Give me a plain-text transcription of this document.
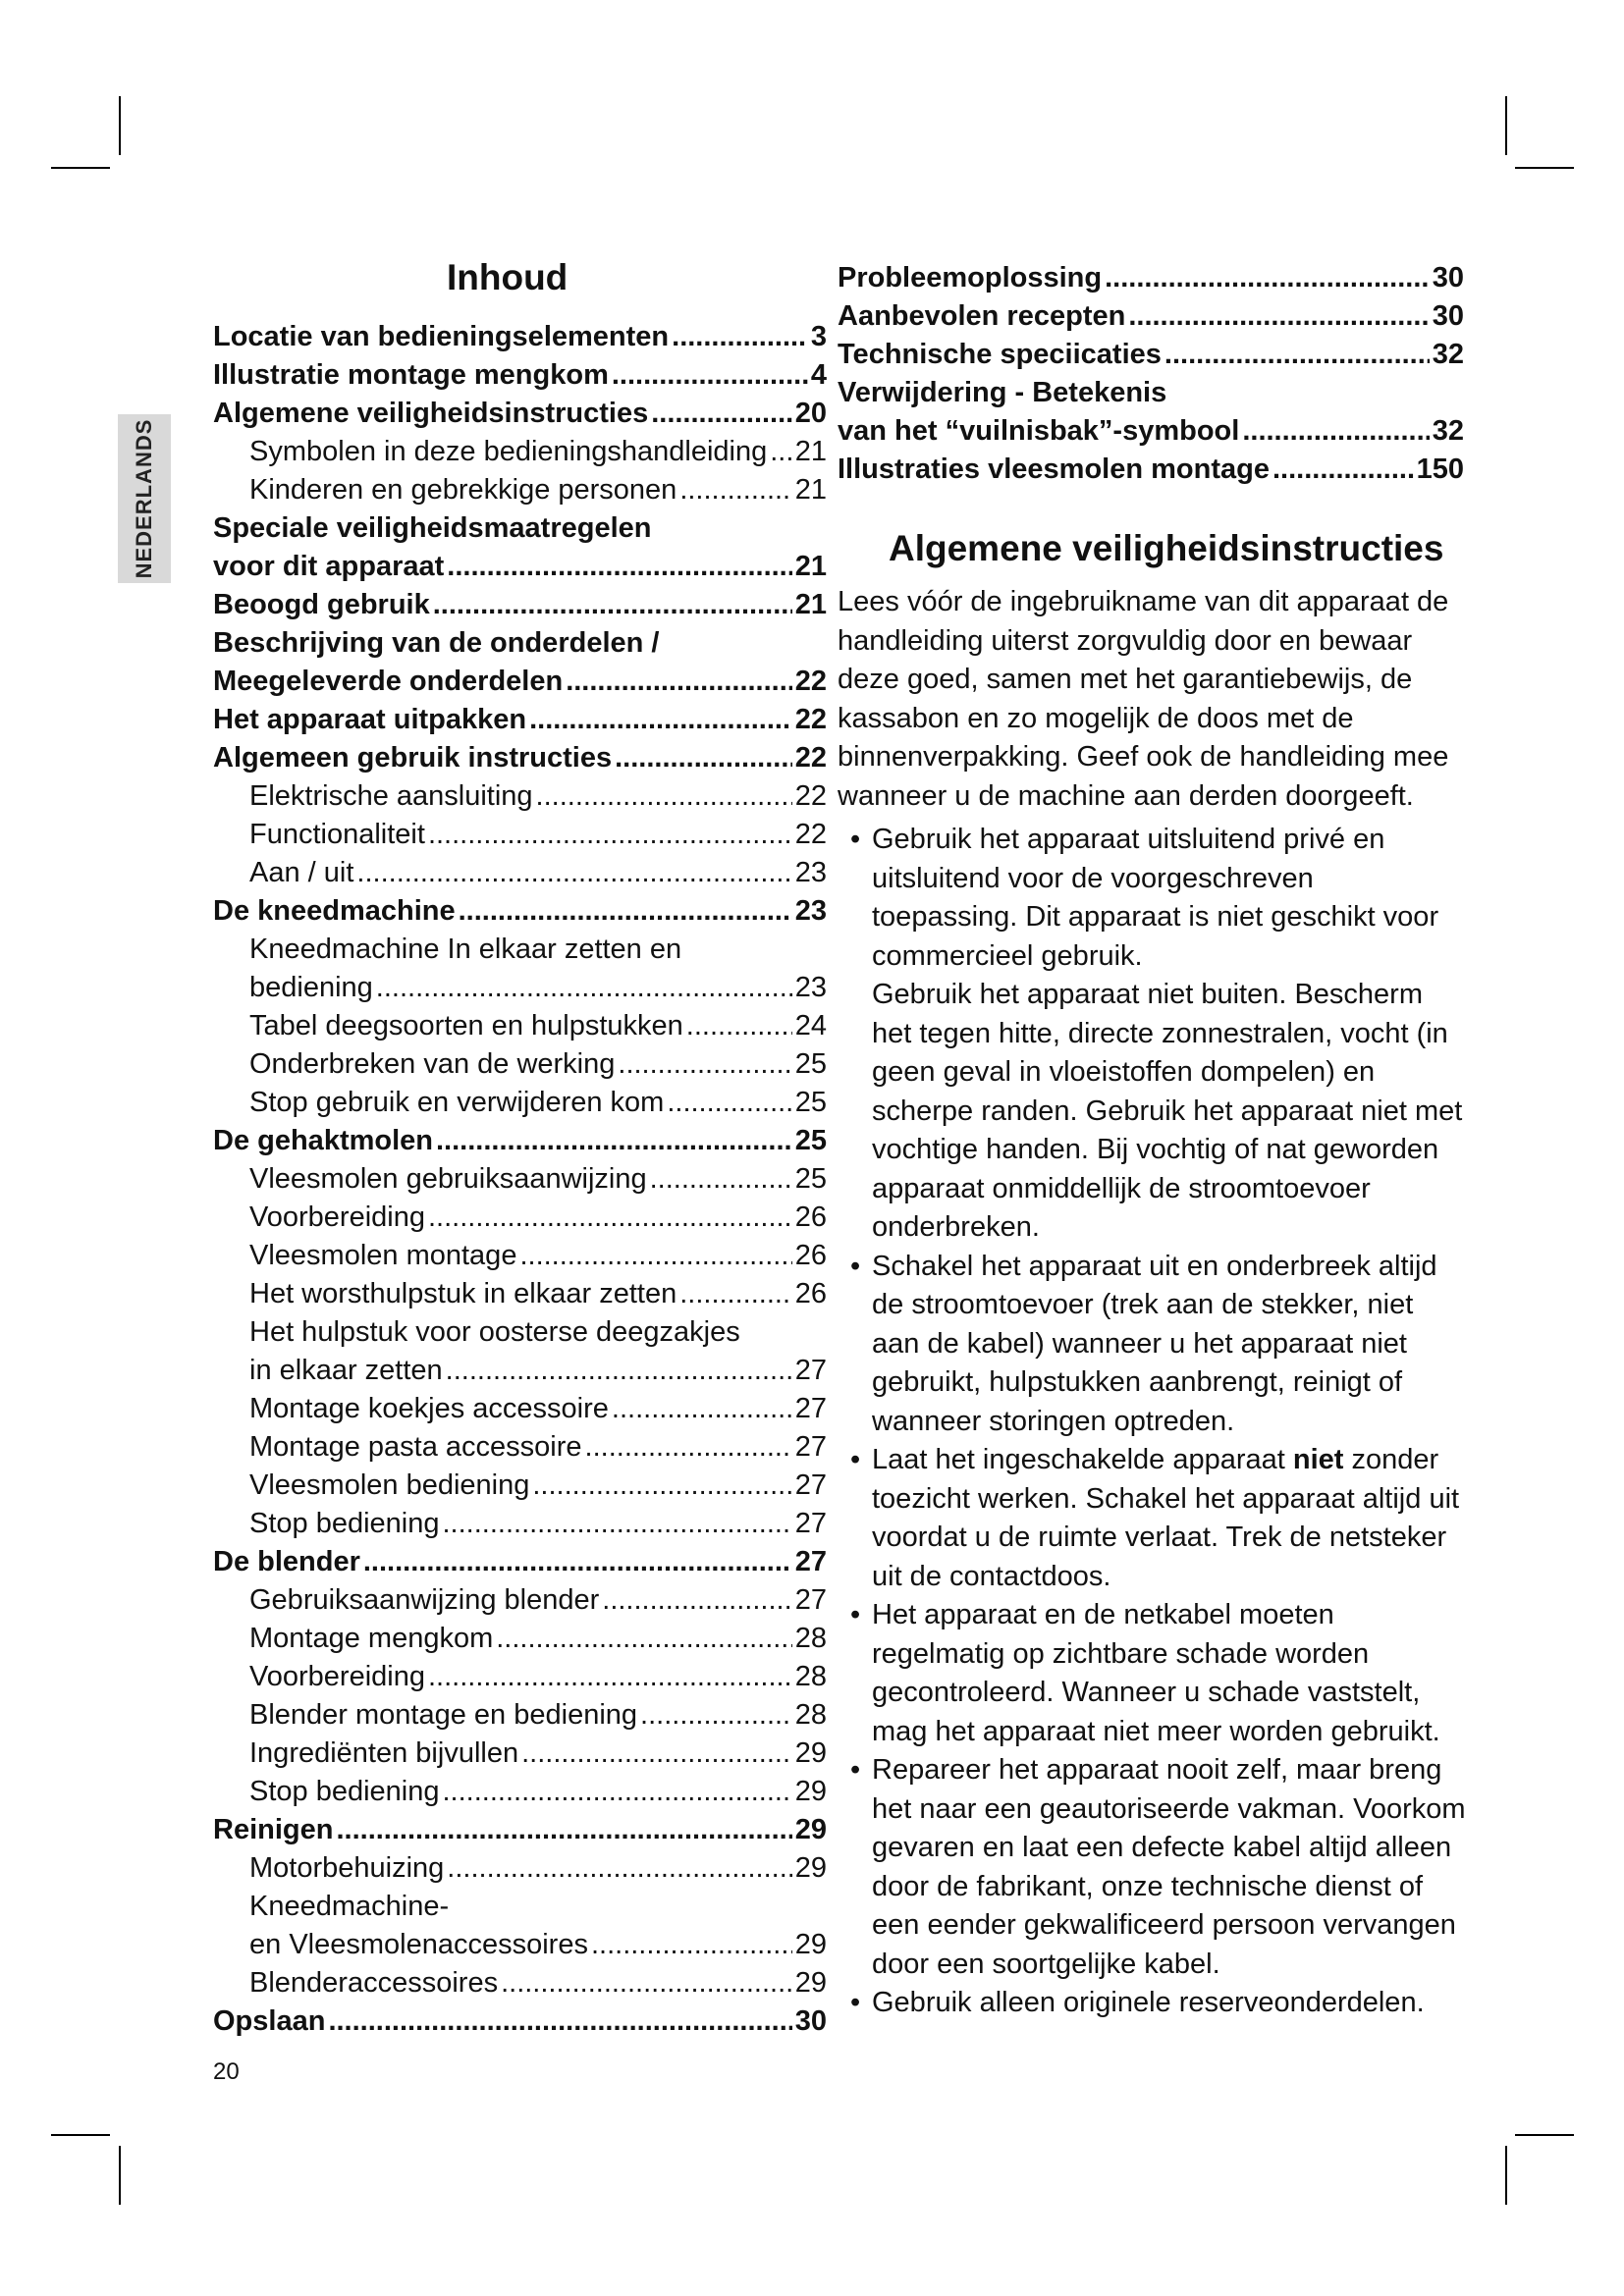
NEDERLANDS
Inhoud
Locatie van bedieningselementen .....	3
Illustratie montage mengkom .....	4
Algemene veiligheidsinstructies .....	20
Symbolen in deze bedieningshandleiding ..... 21
Kinderen en gebrekkige personen .....	21
Speciale veiligheidsmaatregelen
voor dit apparaat .....	21
Beoogd gebruik .....	21
Beschrijving van de onderdelen /
Meegeleverde onderdelen .....	22
Het apparaat uitpakken .....	22
Algemeen gebruik instructies .....	22
Elektrische aansluiting .....	22
Functionaliteit .....	22
Aan / uit .....	23
De kneedmachine .....	23
Kneedmachine In elkaar zetten en
bediening .....	23
Tabel deegsoorten en hulpstukken .....	24
Onderbreken van de werking .....	25
Stop gebruik en verwijderen kom .....	25
De gehaktmolen .....	25
Vleesmolen gebruiksaanwijzing .....	25
Voorbereiding .....	26
Vleesmolen montage .....	26
Het worsthulpstuk in elkaar zetten .....	26
Het hulpstuk voor oosterse deegzakjes
in elkaar zetten .....	27
Montage koekjes accessoire .....	27
Montage pasta accessoire .....	27
Vleesmolen bediening .....	27
Stop bediening .....	27
De blender .....	27
Gebruiksaanwijzing blender .....	27
Montage mengkom .....	28
Voorbereiding .....	28
Blender montage en bediening .....	28
Ingrediënten bijvullen .....	29
Stop bediening .....	29
Reinigen .....	29
Motorbehuizing .....	29
Kneedmachine-
en Vleesmolenaccessoires .....	29
Blenderaccessoires .....	29
Opslaan .....	30
Probleemoplossing .....	30
Aanbevolen recepten .....	30
Technische speciicaties .....	32
Verwijdering - Betekenis
van het “vuilnisbak”-symbool .....	32
Illustraties vleesmolen montage .....	150
Algemene veiligheidsinstructies
Lees vóór de ingebruikname van dit apparaat de handleiding uiterst zorgvuldig door en bewaar deze goed, samen met het garantiebewijs, de kassabon en zo mogelijk de doos met de binnenverpakking. Geef ook de handleiding mee wanneer u de machine aan derden doorgeeft.
• Gebruik het apparaat uitsluitend privé en uitsluitend voor de voorgeschreven toepassing. Dit apparaat is niet geschikt voor commercieel gebruik.
Gebruik het apparaat niet buiten. Bescherm het tegen hitte, directe zonnestralen, vocht (in geen geval in vloeistoffen dompelen) en scherpe randen. Gebruik het apparaat niet met vochtige handen. Bij vochtig of nat geworden apparaat onmiddellijk de stroomtoevoer onderbreken.
• Schakel het apparaat uit en onderbreek altijd de stroomtoevoer (trek aan de stekker, niet aan de kabel) wanneer u het apparaat niet gebruikt, hulpstukken aanbrengt, reinigt of wanneer storingen optreden.
• Laat het ingeschakelde apparaat niet zonder toezicht werken. Schakel het apparaat altijd uit voordat u de ruimte verlaat. Trek de netsteker uit de contactdoos.
• Het apparaat en de netkabel moeten regelmatig op zichtbare schade worden gecontroleerd. Wanneer u schade vaststelt, mag het apparaat niet meer worden gebruikt.
• Repareer het apparaat nooit zelf, maar breng het naar een geautoriseerde vakman. Voorkom gevaren en laat een defecte kabel altijd alleen door de fabrikant, onze technische dienst of een eender gekwalificeerd persoon vervangen door een soortgelijke kabel.
• Gebruik alleen originele reserveonderdelen.
20
